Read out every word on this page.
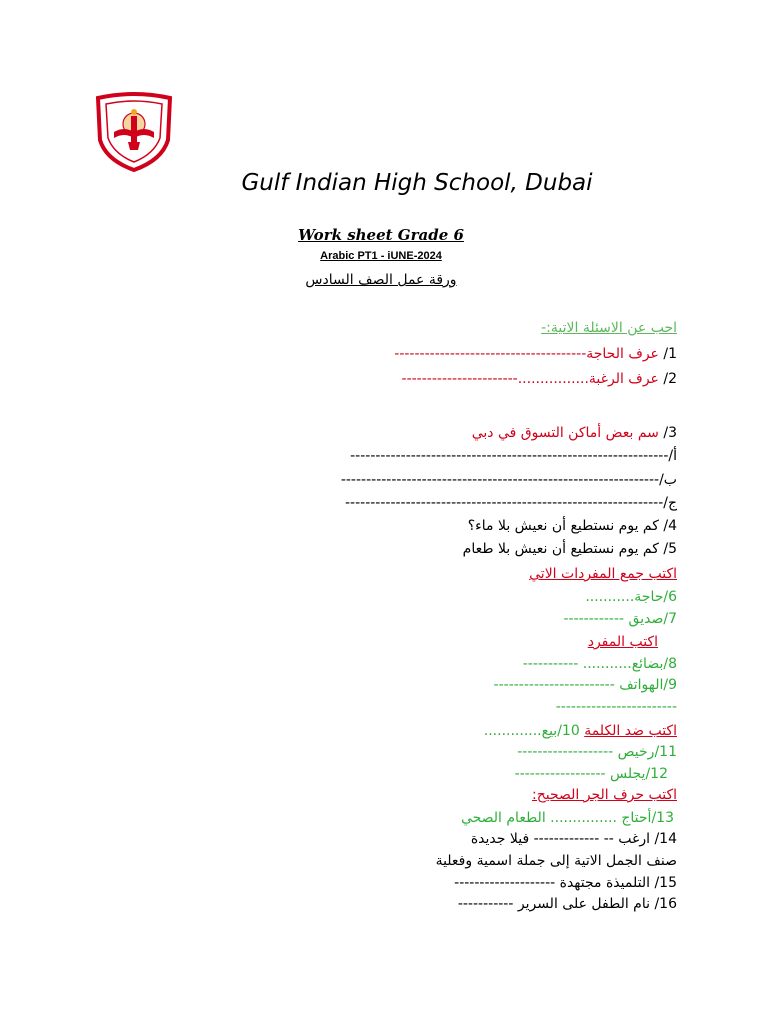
Gulf Indian High School, Dubai
Work sheet Grade 6
Arabic PT1 - iUNE-2024
ورقة عمل الصف السادس
احب عن الاسئلة الاتية:-
1/ عرف الحاجة--------------------------------------
2/ عرف الرغبة................-----------------------
3/ سم بعض أماكن التسوق في دبي
أ/---------------------------------------------------------------
ب/---------------------------------------------------------------
ج/---------------------------------------------------------------
4/ كم يوم نستطيع أن نعيش بلا ماء؟
5/ كم يوم نستطيع أن نعيش بلا طعام
اكتب جمع المفردات الاتي
6/حاجة...........
7/صديق ------------
اكتب المفرد
8/بضائع........... -----------
9/الهواتف ------------------------
------------------------
اكتب ضد الكلمة 10/بيع.............
11/رخيص -------------------
12/يجلس ------------------
اكتب حرف الجر الصحيح:
13/أحتاج ............... الطعام الصحي
14/ ارغب -- ------------- فيلا جديدة
صنف الجمل الاتية إلى جملة اسمية وفعلية
15/ التلميذة مجتهدة --------------------
16/ نام الطفل على السرير -----------
